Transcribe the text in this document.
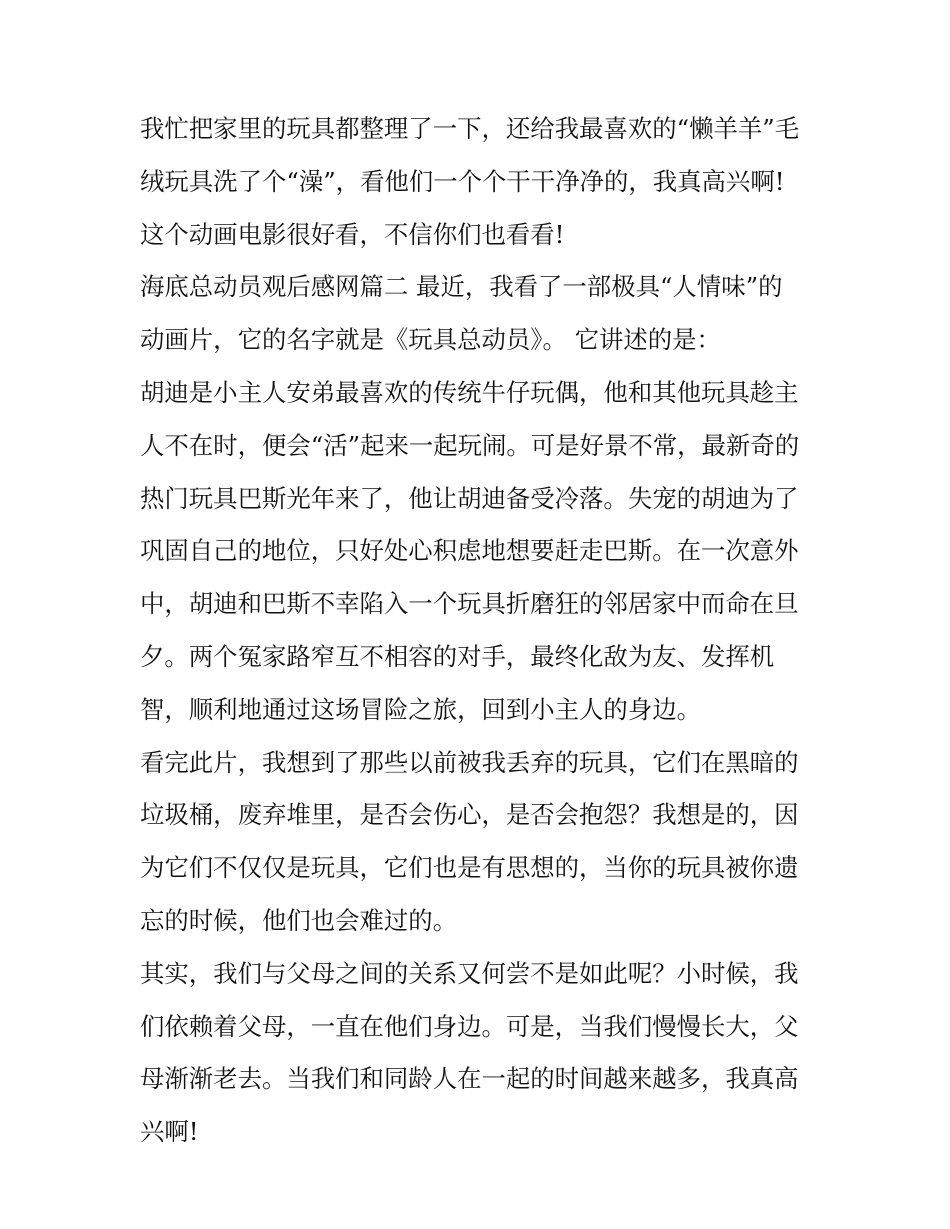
我忙把家里的玩具都整理了一下，还给我最喜欢的“懒羊羊”毛
绒玩具洗了个“澡”，看他们一个个干干净净的，我真高兴啊!
这个动画电影很好看，不信你们也看看!
海底总动员观后感网篇二 最近，我看了一部极具“人情味”的
动画片，它的名字就是《玩具总动员》。 它讲述的是：
胡迪是小主人安弟最喜欢的传统牛仔玩偶，他和其他玩具趁主
人不在时，便会“活”起来一起玩闹。可是好景不常，最新奇的
热门玩具巴斯光年来了，他让胡迪备受冷落。失宠的胡迪为了
巩固自己的地位，只好处心积虑地想要赶走巴斯。在一次意外
中，胡迪和巴斯不幸陷入一个玩具折磨狂的邻居家中而命在旦
夕。两个冤家路窄互不相容的对手，最终化敌为友、发挥机
智，顺利地通过这场冒险之旅，回到小主人的身边。
看完此片，我想到了那些以前被我丢弃的玩具，它们在黑暗的
垃圾桶，废弃堆里，是否会伤心，是否会抱怨？我想是的，因
为它们不仅仅是玩具，它们也是有思想的，当你的玩具被你遗
忘的时候，他们也会难过的。
其实，我们与父母之间的关系又何尝不是如此呢？小时候，我
们依赖着父母，一直在他们身边。可是，当我们慢慢长大，父
母渐渐老去。当我们和同龄人在一起的时间越来越多，我真高
兴啊!
